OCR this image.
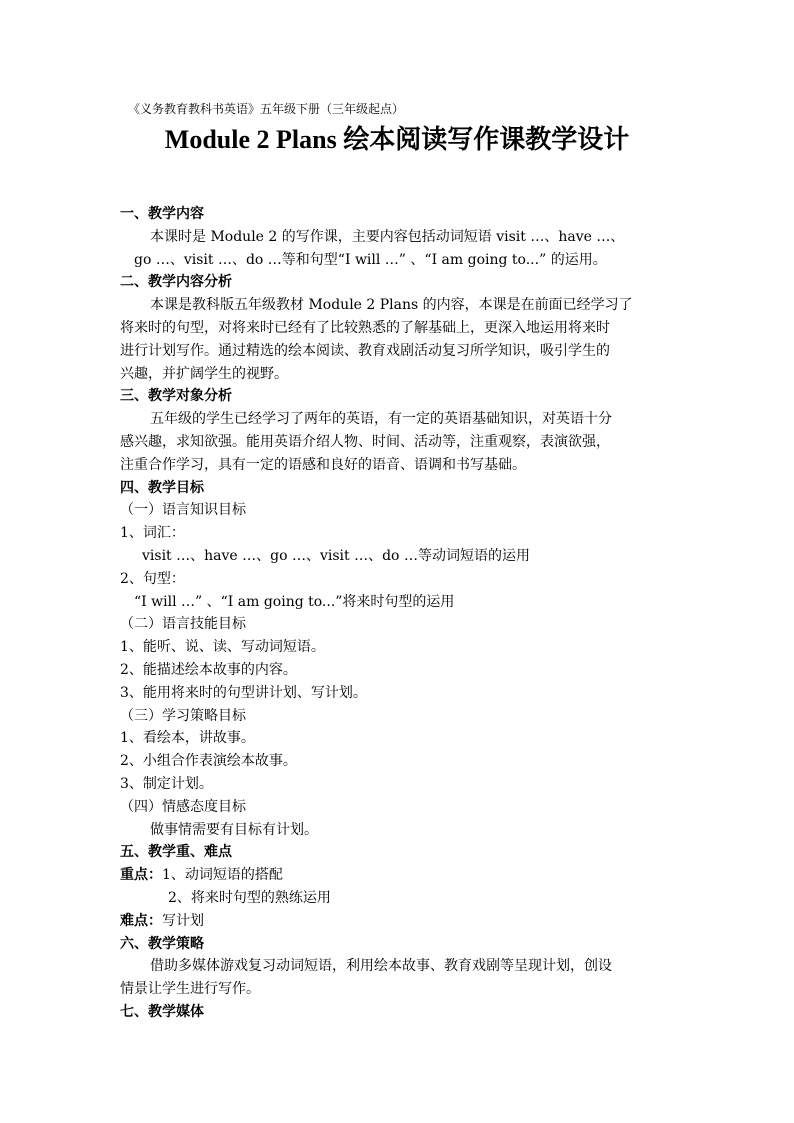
《义务教育教科书英语》五年级下册（三年级起点）
Module 2 Plans 绘本阅读写作课教学设计
一、教学内容
本课时是 Module 2 的写作课，主要内容包括动词短语 visit …、have …、
go …、visit …、do …等和句型“I will …” 、“I am going to...” 的运用。
二、教学内容分析
本课是教科版五年级教材 Module 2 Plans 的内容，本课是在前面已经学习了
将来时的句型，对将来时已经有了比较熟悉的了解基础上，更深入地运用将来时
进行计划写作。通过精选的绘本阅读、教育戏剧活动复习所学知识，吸引学生的
兴趣，并扩阔学生的视野。
三、教学对象分析
五年级的学生已经学习了两年的英语，有一定的英语基础知识，对英语十分
感兴趣，求知欲强。能用英语介绍人物、时间、活动等，注重观察，表演欲强，
注重合作学习，具有一定的语感和良好的语音、语调和书写基础。
四、教学目标
（一）语言知识目标
1、词汇：
visit …、have …、go …、visit …、do …等动词短语的运用
2、句型：
“I will …” 、“I am going to...”将来时句型的运用
（二）语言技能目标
1、能听、说、读、写动词短语。
2、能描述绘本故事的内容。
3、能用将来时的句型讲计划、写计划。
（三）学习策略目标
1、看绘本，讲故事。
2、小组合作表演绘本故事。
3、制定计划。
（四）情感态度目标
做事情需要有目标有计划。
五、教学重、难点
重点：1、动词短语的搭配
2、将来时句型的熟练运用
难点：写计划
六、教学策略
借助多媒体游戏复习动词短语，利用绘本故事、教育戏剧等呈现计划，创设
情景让学生进行写作。
七、教学媒体
